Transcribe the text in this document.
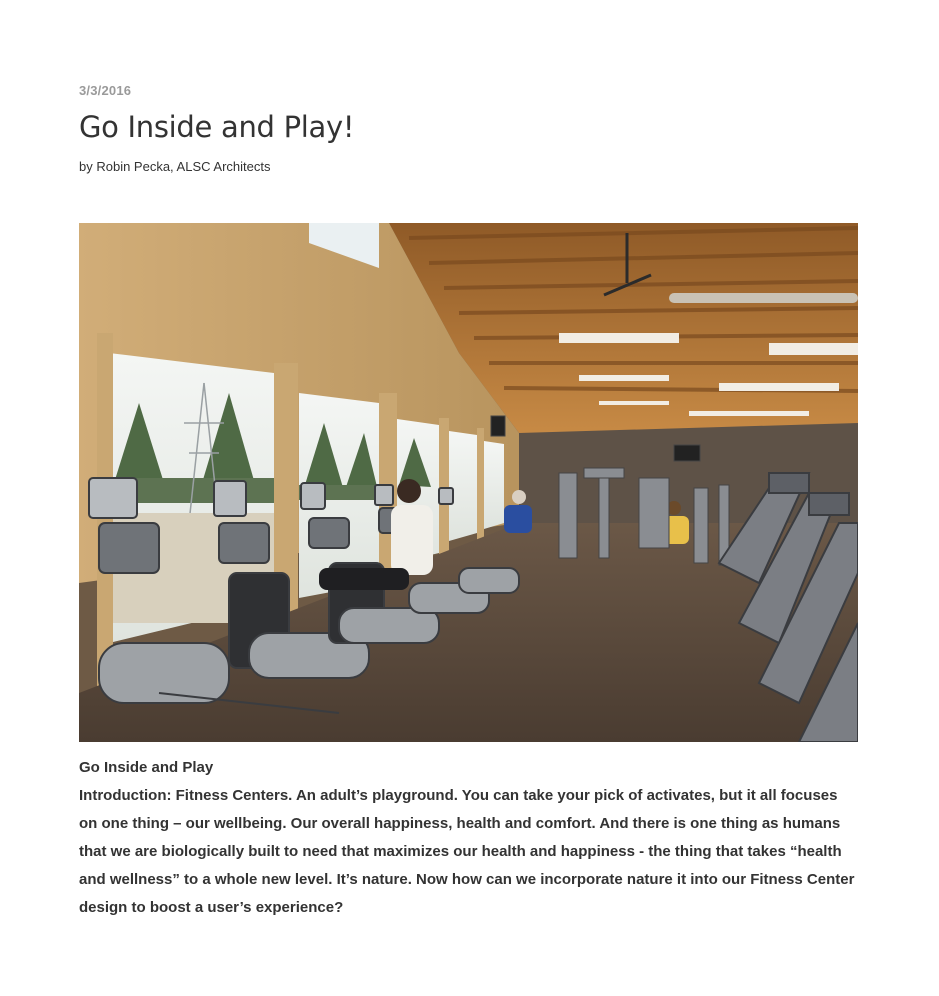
3/3/2016
Go Inside and Play!
by Robin Pecka, ALSC Architects

Go Inside and Play

Introduction: Fitness Centers. An adult’s playground. You can take your pick of activates, but it all focuses on one thing – our wellbeing. Our overall happiness, health and comfort. And there is one thing as humans that we are biologically built to need that maximizes our health and happiness - the thing that takes “health and wellness” to a whole new level. It’s nature. Now how can we incorporate nature it into our Fitness Center design to boost a user’s experience?
